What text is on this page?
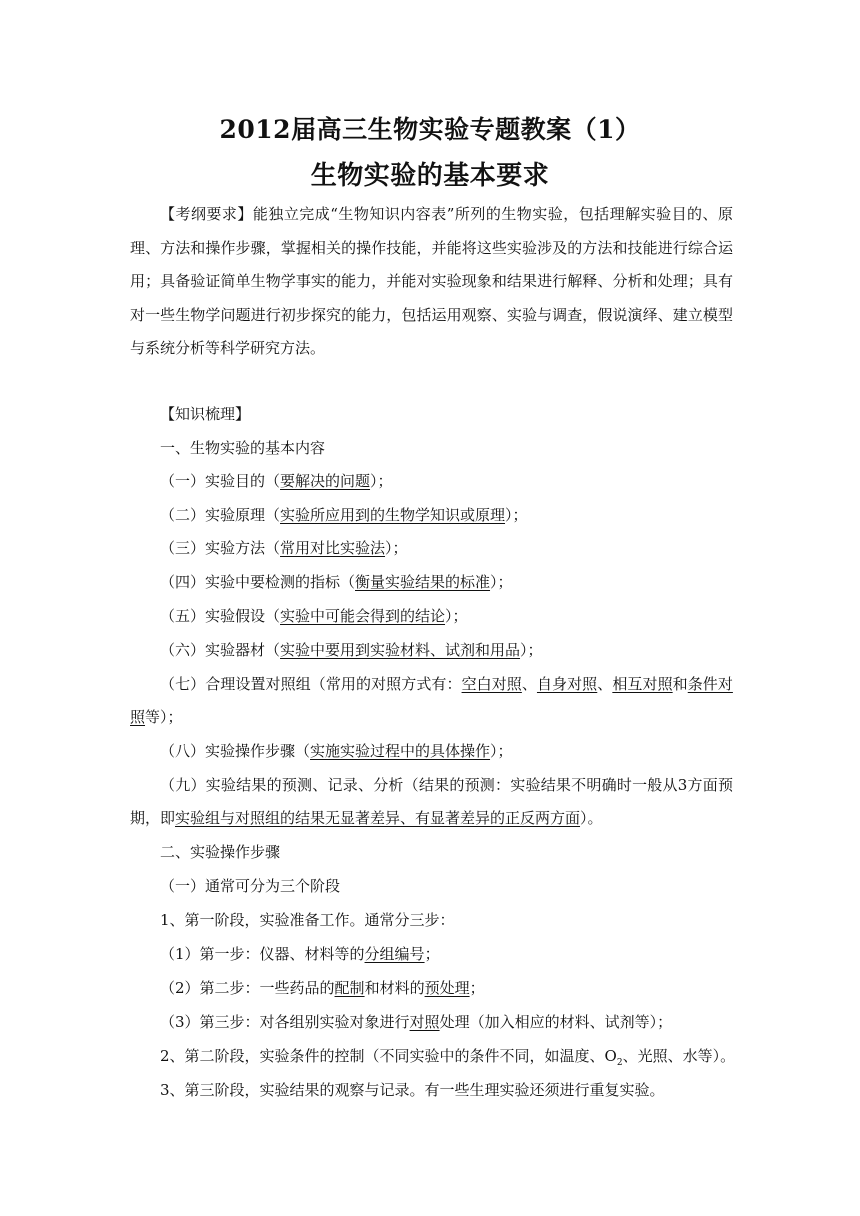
2012届高三生物实验专题教案（1）
生物实验的基本要求
【考纲要求】能独立完成“生物知识内容表”所列的生物实验，包括理解实验目的、原理、方法和操作步骤，掌握相关的操作技能，并能将这些实验涉及的方法和技能进行综合运用；具备验证简单生物学事实的能力，并能对实验现象和结果进行解释、分析和处理；具有对一些生物学问题进行初步探究的能力，包括运用观察、实验与调查，假说演绎、建立模型与系统分析等科学研究方法。
【知识梳理】
一、生物实验的基本内容
（一）实验目的（要解决的问题）；
（二）实验原理（实验所应用到的生物学知识或原理）；
（三）实验方法（常用对比实验法）；
（四）实验中要检测的指标（衡量实验结果的标准）；
（五）实验假设（实验中可能会得到的结论）；
（六）实验器材（实验中要用到实验材料、试剂和用品）；
（七）合理设置对照组（常用的对照方式有：空白对照、自身对照、相互对照和条件对照等）；
（八）实验操作步骤（实施实验过程中的具体操作）；
（九）实验结果的预测、记录、分析（结果的预测：实验结果不明确时一般从3方面预期，即实验组与对照组的结果无显著差异、有显著差异的正反两方面）。
二、实验操作步骤
（一）通常可分为三个阶段
1、第一阶段，实验准备工作。通常分三步：
（1）第一步：仪器、材料等的分组编号；
（2）第二步：一些药品的配制和材料的预处理；
（3）第三步：对各组别实验对象进行对照处理（加入相应的材料、试剂等）；
2、第二阶段，实验条件的控制（不同实验中的条件不同，如温度、$O_2$、光照、水等）。
3、第三阶段，实验结果的观察与记录。有一些生理实验还须进行重复实验。
